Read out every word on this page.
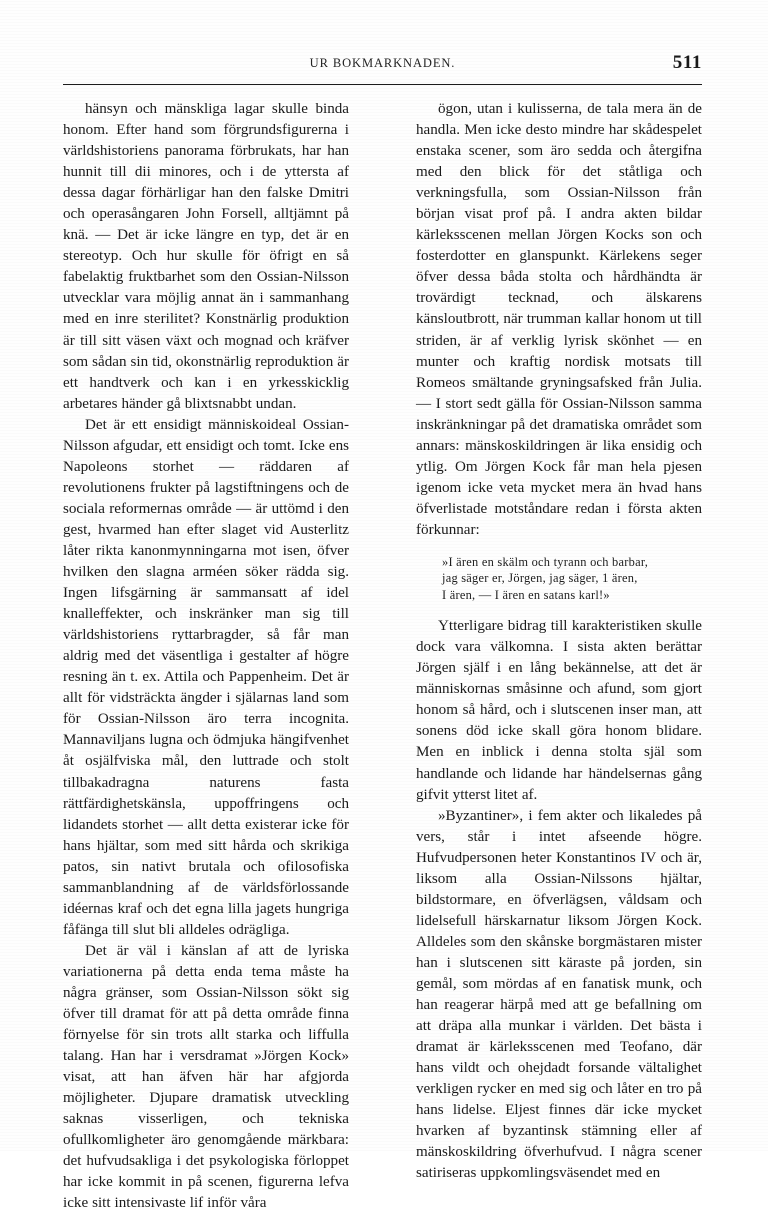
UR BOKMARKNADEN.	511

hänsyn och mänskliga lagar skulle binda honom. Efter hand som förgrundsfigurerna i världshistoriens panorama förbrukats, har han hunnit till dii minores, och i de yttersta af dessa dagar förhärligar han den falske Dmitri och operasångaren John Forsell, alltjämnt på knä. — Det är icke längre en typ, det är en stereotyp. Och hur skulle för öfrigt en så fabelaktig fruktbarhet som den Ossian-Nilsson utvecklar vara möjlig annat än i sammanhang med en inre sterilitet? Konstnärlig produktion är till sitt väsen växt och mognad och kräfver som sådan sin tid, okonstnärlig reproduktion är ett handtverk och kan i en yrkesskicklig arbetares händer gå blixtsnabbt undan.

Det är ett ensidigt människoideal Ossian-Nilsson afgudar, ett ensidigt och tomt. Icke ens Napoleons storhet — räddaren af revolutionens frukter på lagstiftningens och de sociala reformernas område — är uttömd i den gest, hvarmed han efter slaget vid Austerlitz låter rikta kanonmynningarna mot isen, öfver hvilken den slagna arméen söker rädda sig. Ingen lifsgärning är sammansatt af idel knalleffekter, och inskränker man sig till världshistoriens ryttarbragder, så får man aldrig med det väsentliga i gestalter af högre resning än t. ex. Attila och Pappenheim. Det är allt för vidsträckta ängder i själarnas land som för Ossian-Nilsson äro terra incognita. Mannaviljans lugna och ödmjuka hängifvenhet åt osjälfviska mål, den luttrade och stolt tillbakadragna naturens fasta rättfärdighetskänsla, uppoffringens och lidandets storhet — allt detta existerar icke för hans hjältar, som med sitt hårda och skrikiga patos, sin nativt brutala och ofilosofiska sammanblandning af de världsförlossande idéernas kraf och det egna lilla jagets hungriga fåfänga till slut bli alldeles odrägliga.

Det är väl i känslan af att de lyriska variationerna på detta enda tema måste ha några gränser, som Ossian-Nilsson sökt sig öfver till dramat för att på detta område finna förnyelse för sin trots allt starka och liffulla talang. Han har i versdramat »Jörgen Kock» visat, att han äfven här har afgjorda möjligheter. Djupare dramatisk utveckling saknas visserligen, och tekniska ofullkomligheter äro genomgående märkbara: det hufvudsakliga i det psykologiska förloppet har icke kommit in på scenen, figurerna lefva icke sitt intensivaste lif inför våra

ögon, utan i kulisserna, de tala mera än de handla. Men icke desto mindre har skådespelet enstaka scener, som äro sedda och återgifna med den blick för det ståtliga och verkningsfulla, som Ossian-Nilsson från början visat prof på. I andra akten bildar kärleksscenen mellan Jörgen Kocks son och fosterdotter en glanspunkt. Kärlekens seger öfver dessa båda stolta och hårdhändta är trovärdigt tecknad, och älskarens känsloutbrott, när trumman kallar honom ut till striden, är af verklig lyrisk skönhet — en munter och kraftig nordisk motsats till Romeos smältande gryningsafsked från Julia. — I stort sedt gälla för Ossian-Nilsson samma inskränkningar på det dramatiska området som annars: mänskoskildringen är lika ensidig och ytlig. Om Jörgen Kock får man hela pjesen igenom icke veta mycket mera än hvad hans öfverlistade motståndare redan i första akten förkunnar:

»I ären en skälm och tyrann och barbar,
jag säger er, Jörgen, jag säger, 1 ären,
I ären, — I ären en satans karl!»

Ytterligare bidrag till karakteristiken skulle dock vara välkomna. I sista akten berättar Jörgen själf i en lång bekännelse, att det är människornas småsinne och afund, som gjort honom så hård, och i slutscenen inser man, att sonens död icke skall göra honom blidare. Men en inblick i denna stolta själ som handlande och lidande har händelsernas gång gifvit ytterst litet af.

»Byzantiner», i fem akter och likaledes på vers, står i intet afseende högre. Hufvudpersonen heter Konstantinos IV och är, liksom alla Ossian-Nilssons hjältar, bildstormare, en öfverlägsen, våldsam och lidelsefull härskarnatur liksom Jörgen Kock. Alldeles som den skånske borgmästaren mister han i slutscenen sitt käraste på jorden, sin gemål, som mördas af en fanatisk munk, och han reagerar härpå med att ge befallning om att dräpa alla munkar i världen. Det bästa i dramat är kärleksscenen med Teofano, där hans vildt och ohejdadt forsande vältalighet verkligen rycker en med sig och låter en tro på hans lidelse. Eljest finnes där icke mycket hvarken af byzantinsk stämning eller af mänskoskildring öfverhufvud. I några scener satiriseras uppkomlingsväsendet med en
